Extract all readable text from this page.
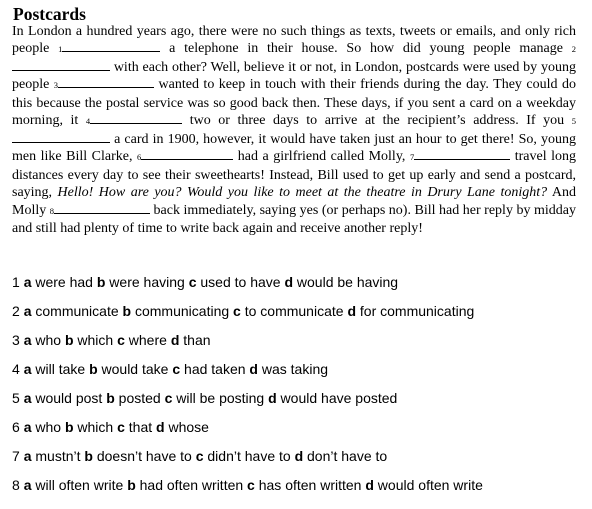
Postcards
In London a hundred years ago, there were no such things as texts, tweets or emails, and only rich people 1	a telephone in their house. So how did young people manage 2 with each other? Well, believe it or not, in London, postcards were used by young people 3	wanted to keep in touch with their friends during the day. They could do this because the postal service was so good back then. These days, if you sent a card on a weekday morning, it 4	two or three days to arrive at the recipient’s address. If you 5 a card in 1900, however, it would have taken just an hour to get there! So, young men like Bill Clarke, 6	had a girlfriend called Molly, 7	travel long distances every day to see their sweethearts! Instead, Bill used to get up early and send a postcard, saying, Hello! How are you? Would you like to meet at the theatre in Drury Lane tonight? And Molly 8	back immediately, saying yes (or perhaps no). Bill had her reply by midday and still had plenty of time to write back again and receive another reply!
1 a were had b were having c used to have d would be having
2 a communicate b communicating c to communicate d for communicating
3 a who b which c where d than
4 a will take b would take c had taken d was taking
5 a would post b posted c will be posting d would have posted
6 a who b which c that d whose
7 a mustn’t b doesn’t have to c didn’t have to d don’t have to
8 a will often write b had often written c has often written d would often write
